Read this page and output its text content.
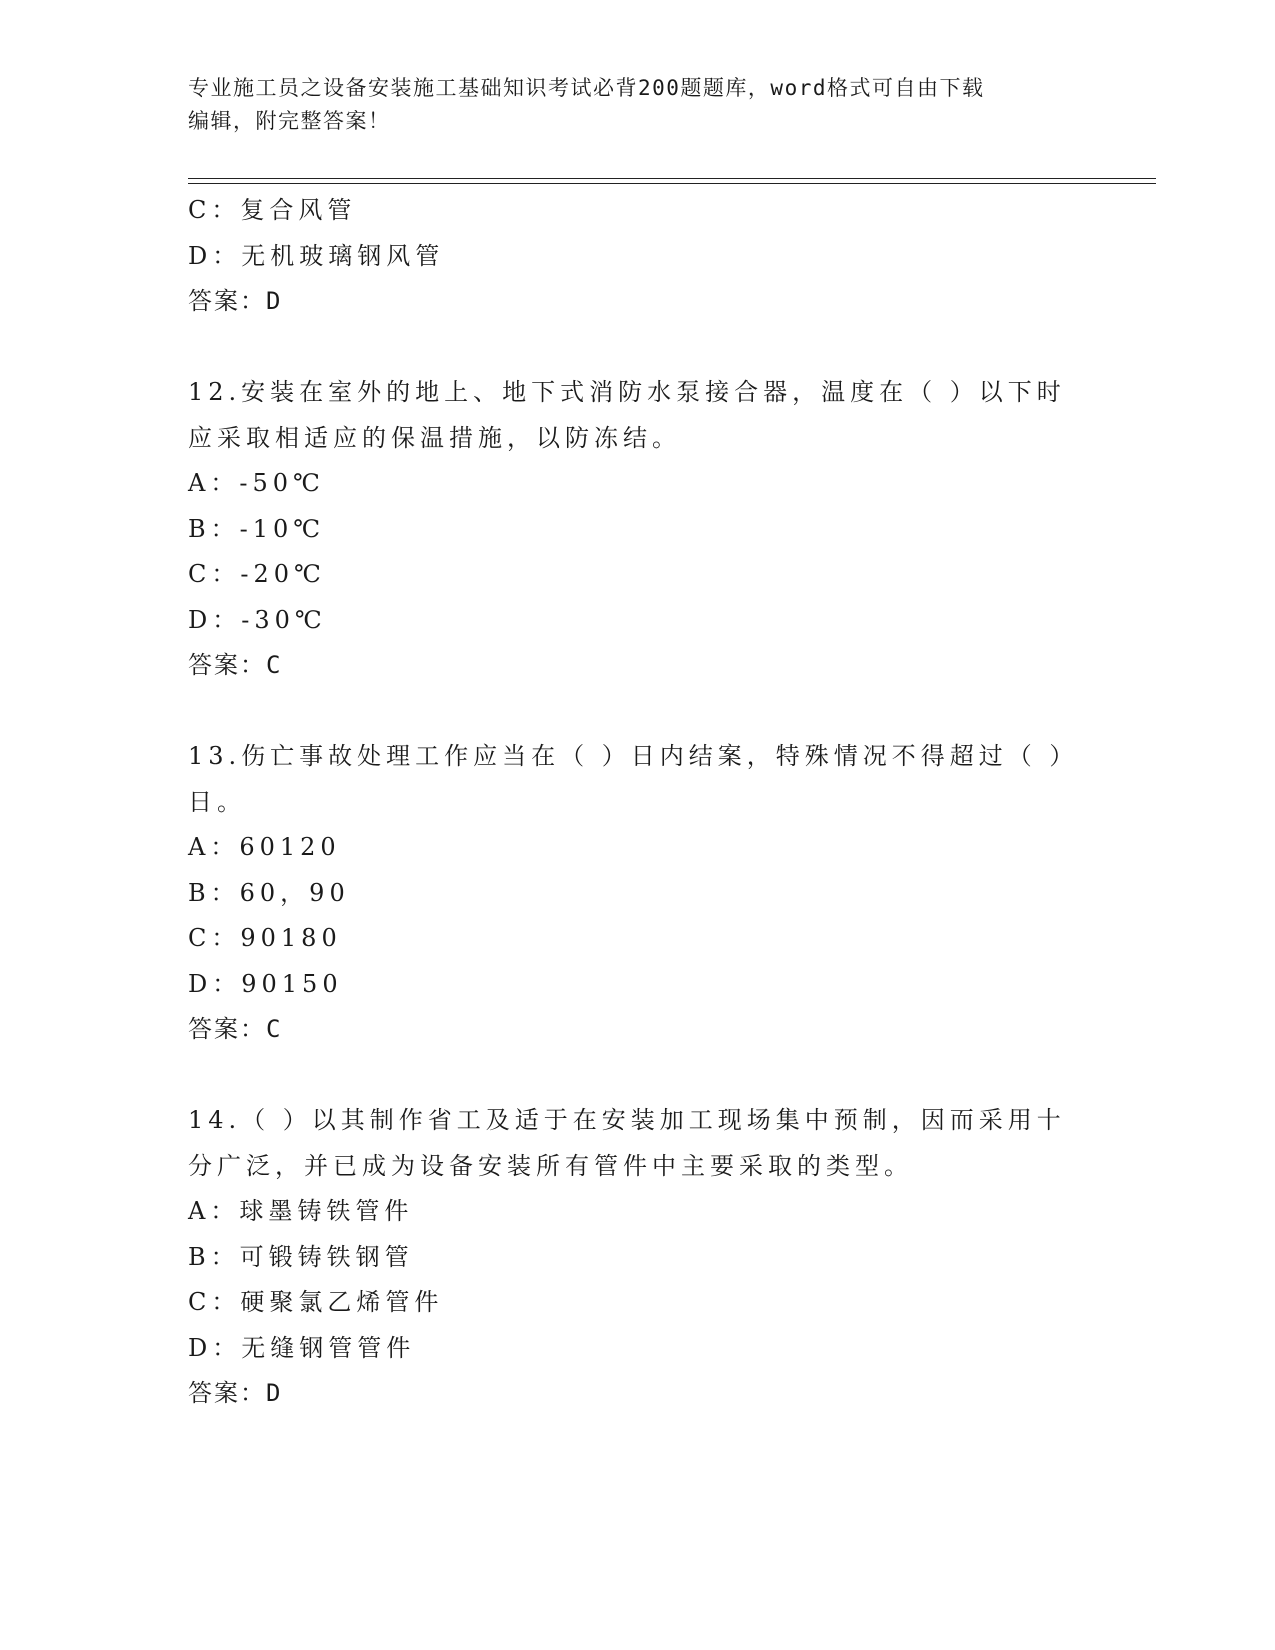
专业施工员之设备安装施工基础知识考试必背200题题库，word格式可自由下载
编辑，附完整答案！
C：复合风管
D：无机玻璃钢风管
答案：D
12.安装在室外的地上、地下式消防水泵接合器，温度在（ ）以下时
应采取相适应的保温措施，以防冻结。
A：-50℃
B：-10℃
C：-20℃
D：-30℃
答案：C
13.伤亡事故处理工作应当在（ ）日内结案，特殊情况不得超过（ ）
日。
A：60120
B：60，90
C：90180
D：90150
答案：C
14.（ ）以其制作省工及适于在安装加工现场集中预制，因而采用十
分广泛，并已成为设备安装所有管件中主要采取的类型。
A：球墨铸铁管件
B：可锻铸铁钢管
C：硬聚氯乙烯管件
D：无缝钢管管件
答案：D
